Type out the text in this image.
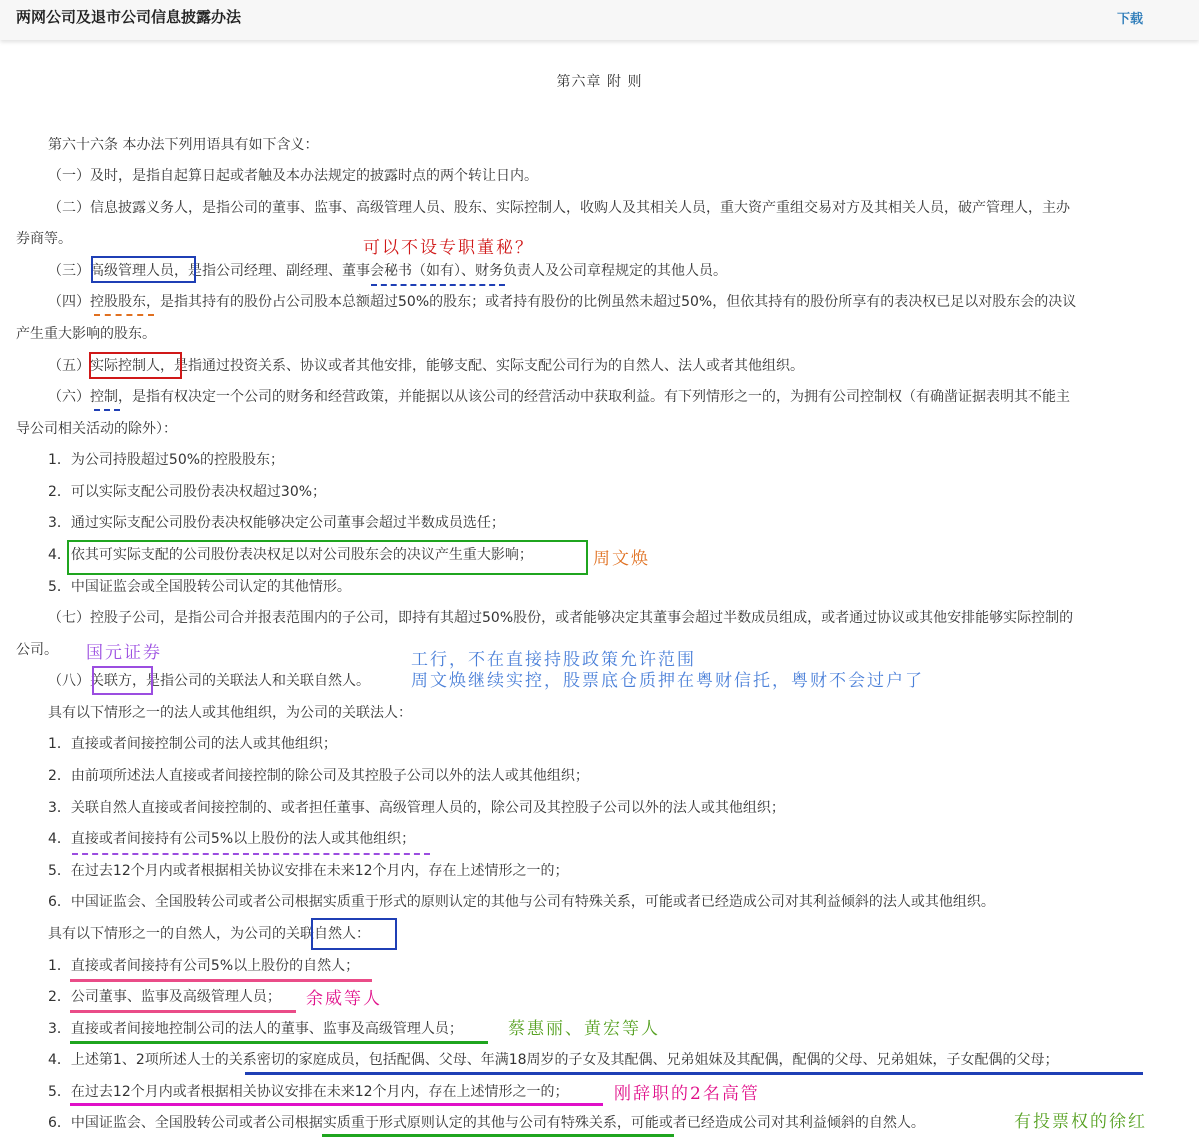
两网公司及退市公司信息披露办法	下载
第六章 附 则
第六十六条 本办法下列用语具有如下含义：
（一）及时，是指自起算日起或者触及本办法规定的披露时点的两个转让日内。
（二）信息披露义务人，是指公司的董事、监事、高级管理人员、股东、实际控制人，收购人及其相关人员，重大资产重组交易对方及其相关人员，破产管理人，主办
券商等。
（三）高级管理人员，是指公司经理、副经理、董事会秘书（如有）、财务负责人及公司章程规定的其他人员。
（四）控股股东，是指其持有的股份占公司股本总额超过50%的股东；或者持有股份的比例虽然未超过50%，但依其持有的股份所享有的表决权已足以对股东会的决议
产生重大影响的股东。
（五）实际控制人，是指通过投资关系、协议或者其他安排，能够支配、实际支配公司行为的自然人、法人或者其他组织。
（六）控制，是指有权决定一个公司的财务和经营政策，并能据以从该公司的经营活动中获取利益。有下列情形之一的，为拥有公司控制权（有确凿证据表明其不能主
导公司相关活动的除外）：
1．为公司持股超过50%的控股股东；
2．可以实际支配公司股份表决权超过30%；
3．通过实际支配公司股份表决权能够决定公司董事会超过半数成员选任；
4．依其可实际支配的公司股份表决权足以对公司股东会的决议产生重大影响；
5．中国证监会或全国股转公司认定的其他情形。
（七）控股子公司，是指公司合并报表范围内的子公司，即持有其超过50%股份，或者能够决定其董事会超过半数成员组成，或者通过协议或其他安排能够实际控制的
公司。
（八）关联方，是指公司的关联法人和关联自然人。
具有以下情形之一的法人或其他组织，为公司的关联法人：
1．直接或者间接控制公司的法人或其他组织；
2．由前项所述法人直接或者间接控制的除公司及其控股子公司以外的法人或其他组织；
3．关联自然人直接或者间接控制的、或者担任董事、高级管理人员的，除公司及其控股子公司以外的法人或其他组织；
4．直接或者间接持有公司5%以上股份的法人或其他组织；
5．在过去12个月内或者根据相关协议安排在未来12个月内，存在上述情形之一的；
6．中国证监会、全国股转公司或者公司根据实质重于形式的原则认定的其他与公司有特殊关系，可能或者已经造成公司对其利益倾斜的法人或其他组织。
具有以下情形之一的自然人，为公司的关联自然人：
1．直接或者间接持有公司5%以上股份的自然人；
2．公司董事、监事及高级管理人员；
3．直接或者间接地控制公司的法人的董事、监事及高级管理人员；
4．上述第1、2项所述人士的关系密切的家庭成员，包括配偶、父母、年满18周岁的子女及其配偶、兄弟姐妹及其配偶，配偶的父母、兄弟姐妹，子女配偶的父母；
5．在过去12个月内或者根据相关协议安排在未来12个月内，存在上述情形之一的；
6．中国证监会、全国股转公司或者公司根据实质重于形式原则认定的其他与公司有特殊关系，可能或者已经造成公司对其利益倾斜的自然人。
可以不设专职董秘？
周文焕
国元证券	工行，不在直接持股政策允许范围
周文焕继续实控，股票底仓质押在粤财信托，粤财不会过户了
余威等人
蔡惠丽、黄宏等人
刚辞职的2名高管
有投票权的徐红
